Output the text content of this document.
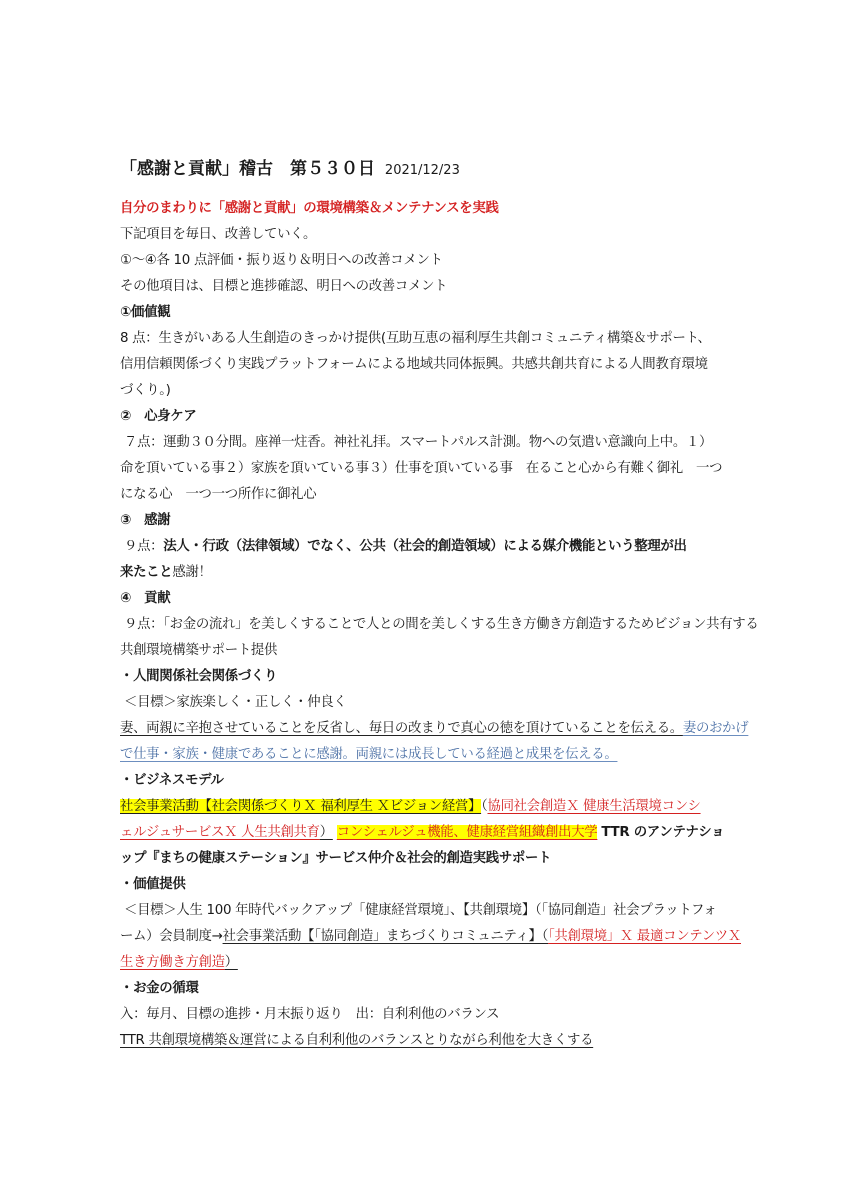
「感謝と貢献」稽古　第５３０日 2021/12/23
自分のまわりに「感謝と貢献」の環境構築＆メンテナンスを実践
下記項目を毎日、改善していく。
①～④各 10 点評価・振り返り＆明日への改善コメント
その他項目は、目標と進捗確認、明日への改善コメント
①価値観
8 点：生きがいある人生創造のきっかけ提供(互助互恵の福利厚生共創コミュニティ構築＆サポート、
信用信頼関係づくり実践プラットフォームによる地域共同体振興。共感共創共育による人間教育環境
づくり。)
②　心身ケア
７点：運動３０分間。座禅一炷香。神社礼拝。スマートパルス計測。物への気遣い意識向上中。１）
命を頂いている事２）家族を頂いている事３）仕事を頂いている事　在ること心から有難く御礼　一つ
になる心　一つ一つ所作に御礼心
③　感謝
９点：法人・行政（法律領域）でなく、公共（社会的創造領域）による媒介機能という整理が出
来たこと感謝！
④　貢献
９点：「お金の流れ」を美しくすることで人との間を美しくする生き方働き方創造するためビジョン共有する
共創環境構築サポート提供
・人間関係社会関係づくり
＜目標＞家族楽しく・正しく・仲良く
妻、両親に辛抱させていることを反省し、毎日の改まりで真心の徳を頂けていることを伝える。妻のおかげ
で仕事・家族・健康であることに感謝。両親には成長している経過と成果を伝える。
・ビジネスモデル
社会事業活動【社会関係づくりＸ 福利厚生 Ｘビジョン経営】（協同社会創造Ｘ 健康生活環境コンシ
ェルジュサービスＸ 人生共創共育） コンシェルジュ機能、健康経営組織創出大学 TTR のアンテナショ
ップ『まちの健康ステーション』サービス仲介＆社会的創造実践サポート
・価値提供
＜目標＞人生 100 年時代バックアップ「健康経営環境」、【共創環境】（「協同創造」社会プラットフォ
ーム）会員制度→社会事業活動【「協同創造」まちづくりコミュニティ】（「共創環境」Ｘ 最適コンテンツＸ
生き方働き方創造）
・お金の循環
入：毎月、目標の進捗・月末振り返り　出：自利利他のバランス
TTR 共創環境構築＆運営による自利利他のバランスとりながら利他を大きくする
